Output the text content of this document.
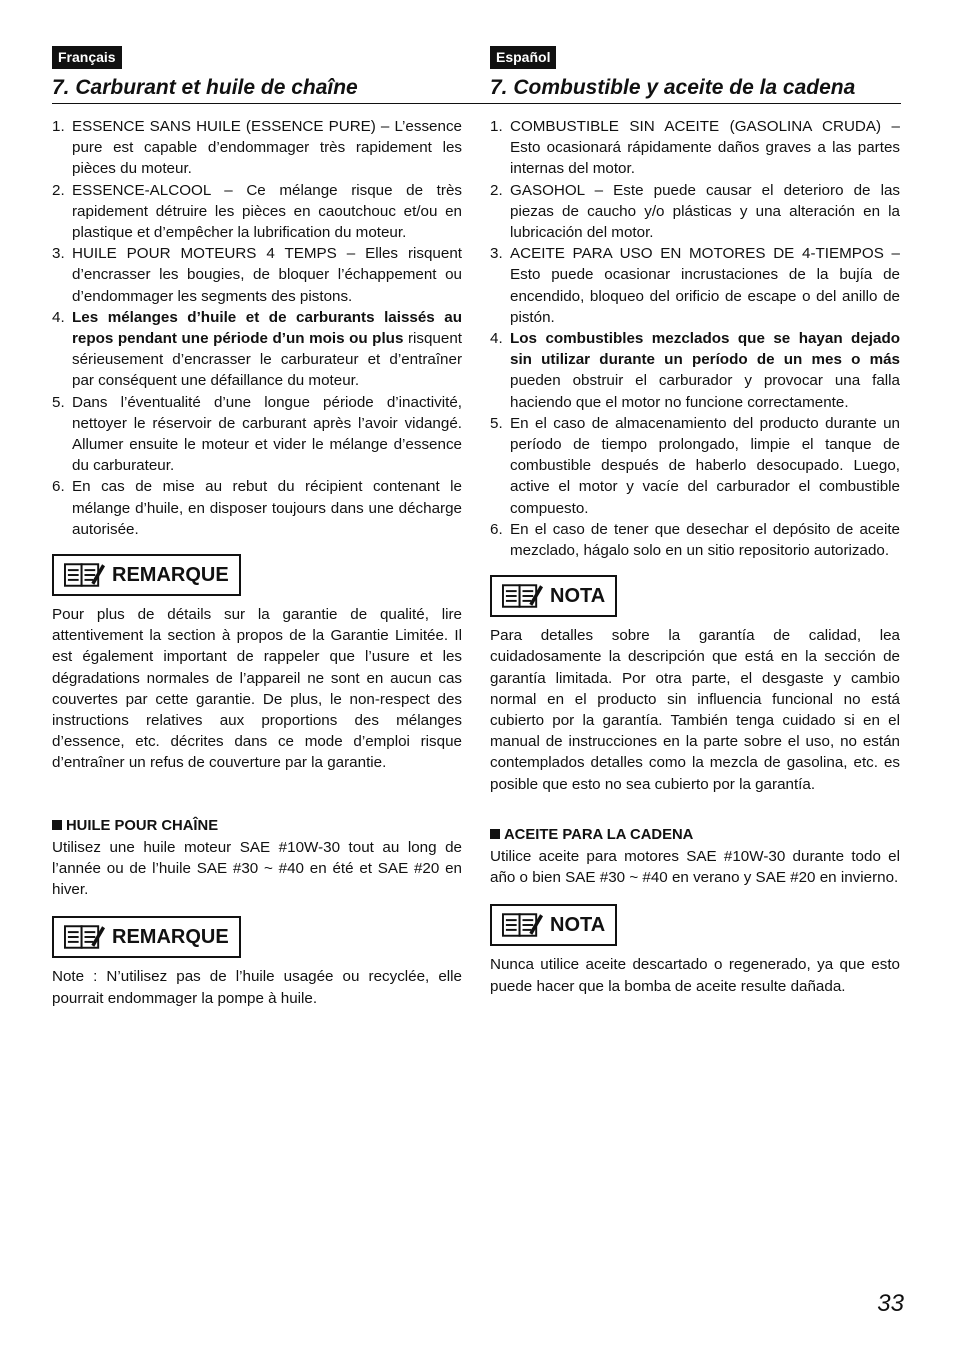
Français
7. Carburant et huile de chaîne
1. ESSENCE SANS HUILE (ESSENCE PURE) – L’essence pure est capable d’endommager très rapidement les pièces du moteur.
2. ESSENCE-ALCOOL – Ce mélange risque de très rapidement détruire les pièces en caoutchouc et/ou en plastique et d’empêcher la lubrification du moteur.
3. HUILE POUR MOTEURS 4 TEMPS – Elles risquent d’encrasser les bougies, de bloquer l’échappement ou d’endommager les segments des pistons.
4. Les mélanges d’huile et de carburants laissés au repos pendant une période d’un mois ou plus risquent sérieusement d’encrasser le carburateur et d’entraîner par conséquent une défaillance du moteur.
5. Dans l’éventualité d’une longue période d’inactivité, nettoyer le réservoir de carburant après l’avoir vidangé. Allumer ensuite le moteur et vider le mélange d’essence du carburateur.
6. En cas de mise au rebut du récipient contenant le mélange d’huile, en disposer toujours dans une décharge autorisée.
REMARQUE

Pour plus de détails sur la garantie de qualité, lire attentivement la section à propos de la Garantie Limitée. Il est également important de rappeler que l’usure et les dégradations normales de l’appareil ne sont en aucun cas couvertes par cette garantie. De plus, le non-respect des instructions relatives aux proportions des mélanges d’essence, etc. décrites dans ce mode d’emploi risque d’entraîner un refus de couverture par la garantie.

HUILE POUR CHAÎNE

Utilisez une huile moteur SAE #10W-30 tout au long de l’année ou de l’huile SAE #30 ~ #40 en été et SAE #20 en hiver.

REMARQUE

Note : N’utilisez pas de l’huile usagée ou recyclée, elle pourrait endommager la pompe à huile.

Español
7. Combustible y aceite de la cadena
1. COMBUSTIBLE SIN ACEITE (GASOLINA CRUDA) – Esto ocasionará rápidamente daños graves a las partes internas del motor.
2. GASOHOL – Este puede causar el deterioro de las piezas de caucho y/o plásticas y una alteración en la lubricación del motor.
3. ACEITE PARA USO EN MOTORES DE 4-TIEMPOS – Esto puede ocasionar incrustaciones de la bujía de encendido, bloqueo del orificio de escape o del anillo de pistón.
4. Los combustibles mezclados que se hayan dejado sin utilizar durante un período de un mes o más pueden obstruir el carburador y provocar una falla haciendo que el motor no funcione correctamente.
5. En el caso de almacenamiento del producto durante un período de tiempo prolongado, limpie el tanque de combustible después de haberlo desocupado. Luego, active el motor y vacíe del carburador el combustible compuesto.
6. En el caso de tener que desechar el depósito de aceite mezclado, hágalo solo en un sitio repositorio autorizado.
NOTA

Para detalles sobre la garantía de calidad, lea cuidadosamente la descripción que está en la sección de garantía limitada. Por otra parte, el desgaste y cambio normal en el producto sin influencia funcional no está cubierto por la garantía. También tenga cuidado si en el manual de instrucciones en la parte sobre el uso, no están contemplados detalles como la mezcla de gasolina, etc. es posible que esto no sea cubierto por la garantía.

ACEITE PARA LA CADENA

Utilice aceite para motores SAE #10W-30 durante todo el año o bien SAE #30 ~ #40 en verano y SAE #20 en invierno.

NOTA

Nunca utilice aceite descartado o regenerado, ya que esto puede hacer que la bomba de aceite resulte dañada.

33
